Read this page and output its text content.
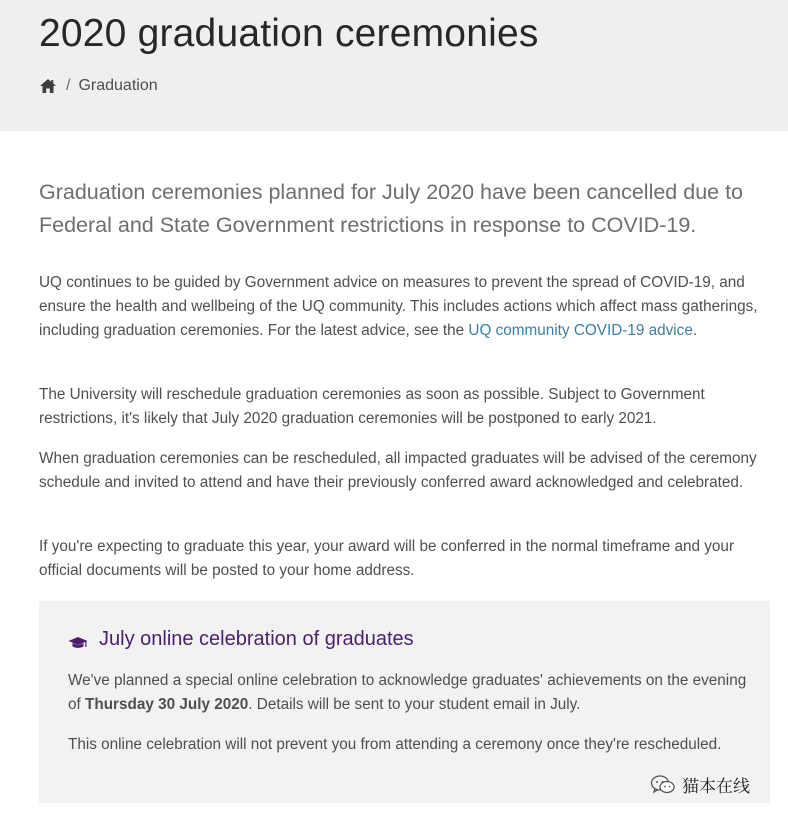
2020 graduation ceremonies
/ Graduation

Graduation ceremonies planned for July 2020 have been cancelled due to Federal and State Government restrictions in response to COVID-19.

UQ continues to be guided by Government advice on measures to prevent the spread of COVID-19, and ensure the health and wellbeing of the UQ community. This includes actions which affect mass gatherings, including graduation ceremonies. For the latest advice, see the UQ community COVID-19 advice.

The University will reschedule graduation ceremonies as soon as possible. Subject to Government restrictions, it's likely that July 2020 graduation ceremonies will be postponed to early 2021.

When graduation ceremonies can be rescheduled, all impacted graduates will be advised of the ceremony schedule and invited to attend and have their previously conferred award acknowledged and celebrated.

If you're expecting to graduate this year, your award will be conferred in the normal timeframe and your official documents will be posted to your home address.

July online celebration of graduates

We've planned a special online celebration to acknowledge graduates' achievements on the evening of Thursday 30 July 2020. Details will be sent to your student email in July.

This online celebration will not prevent you from attending a ceremony once they're rescheduled.

猫本在线
